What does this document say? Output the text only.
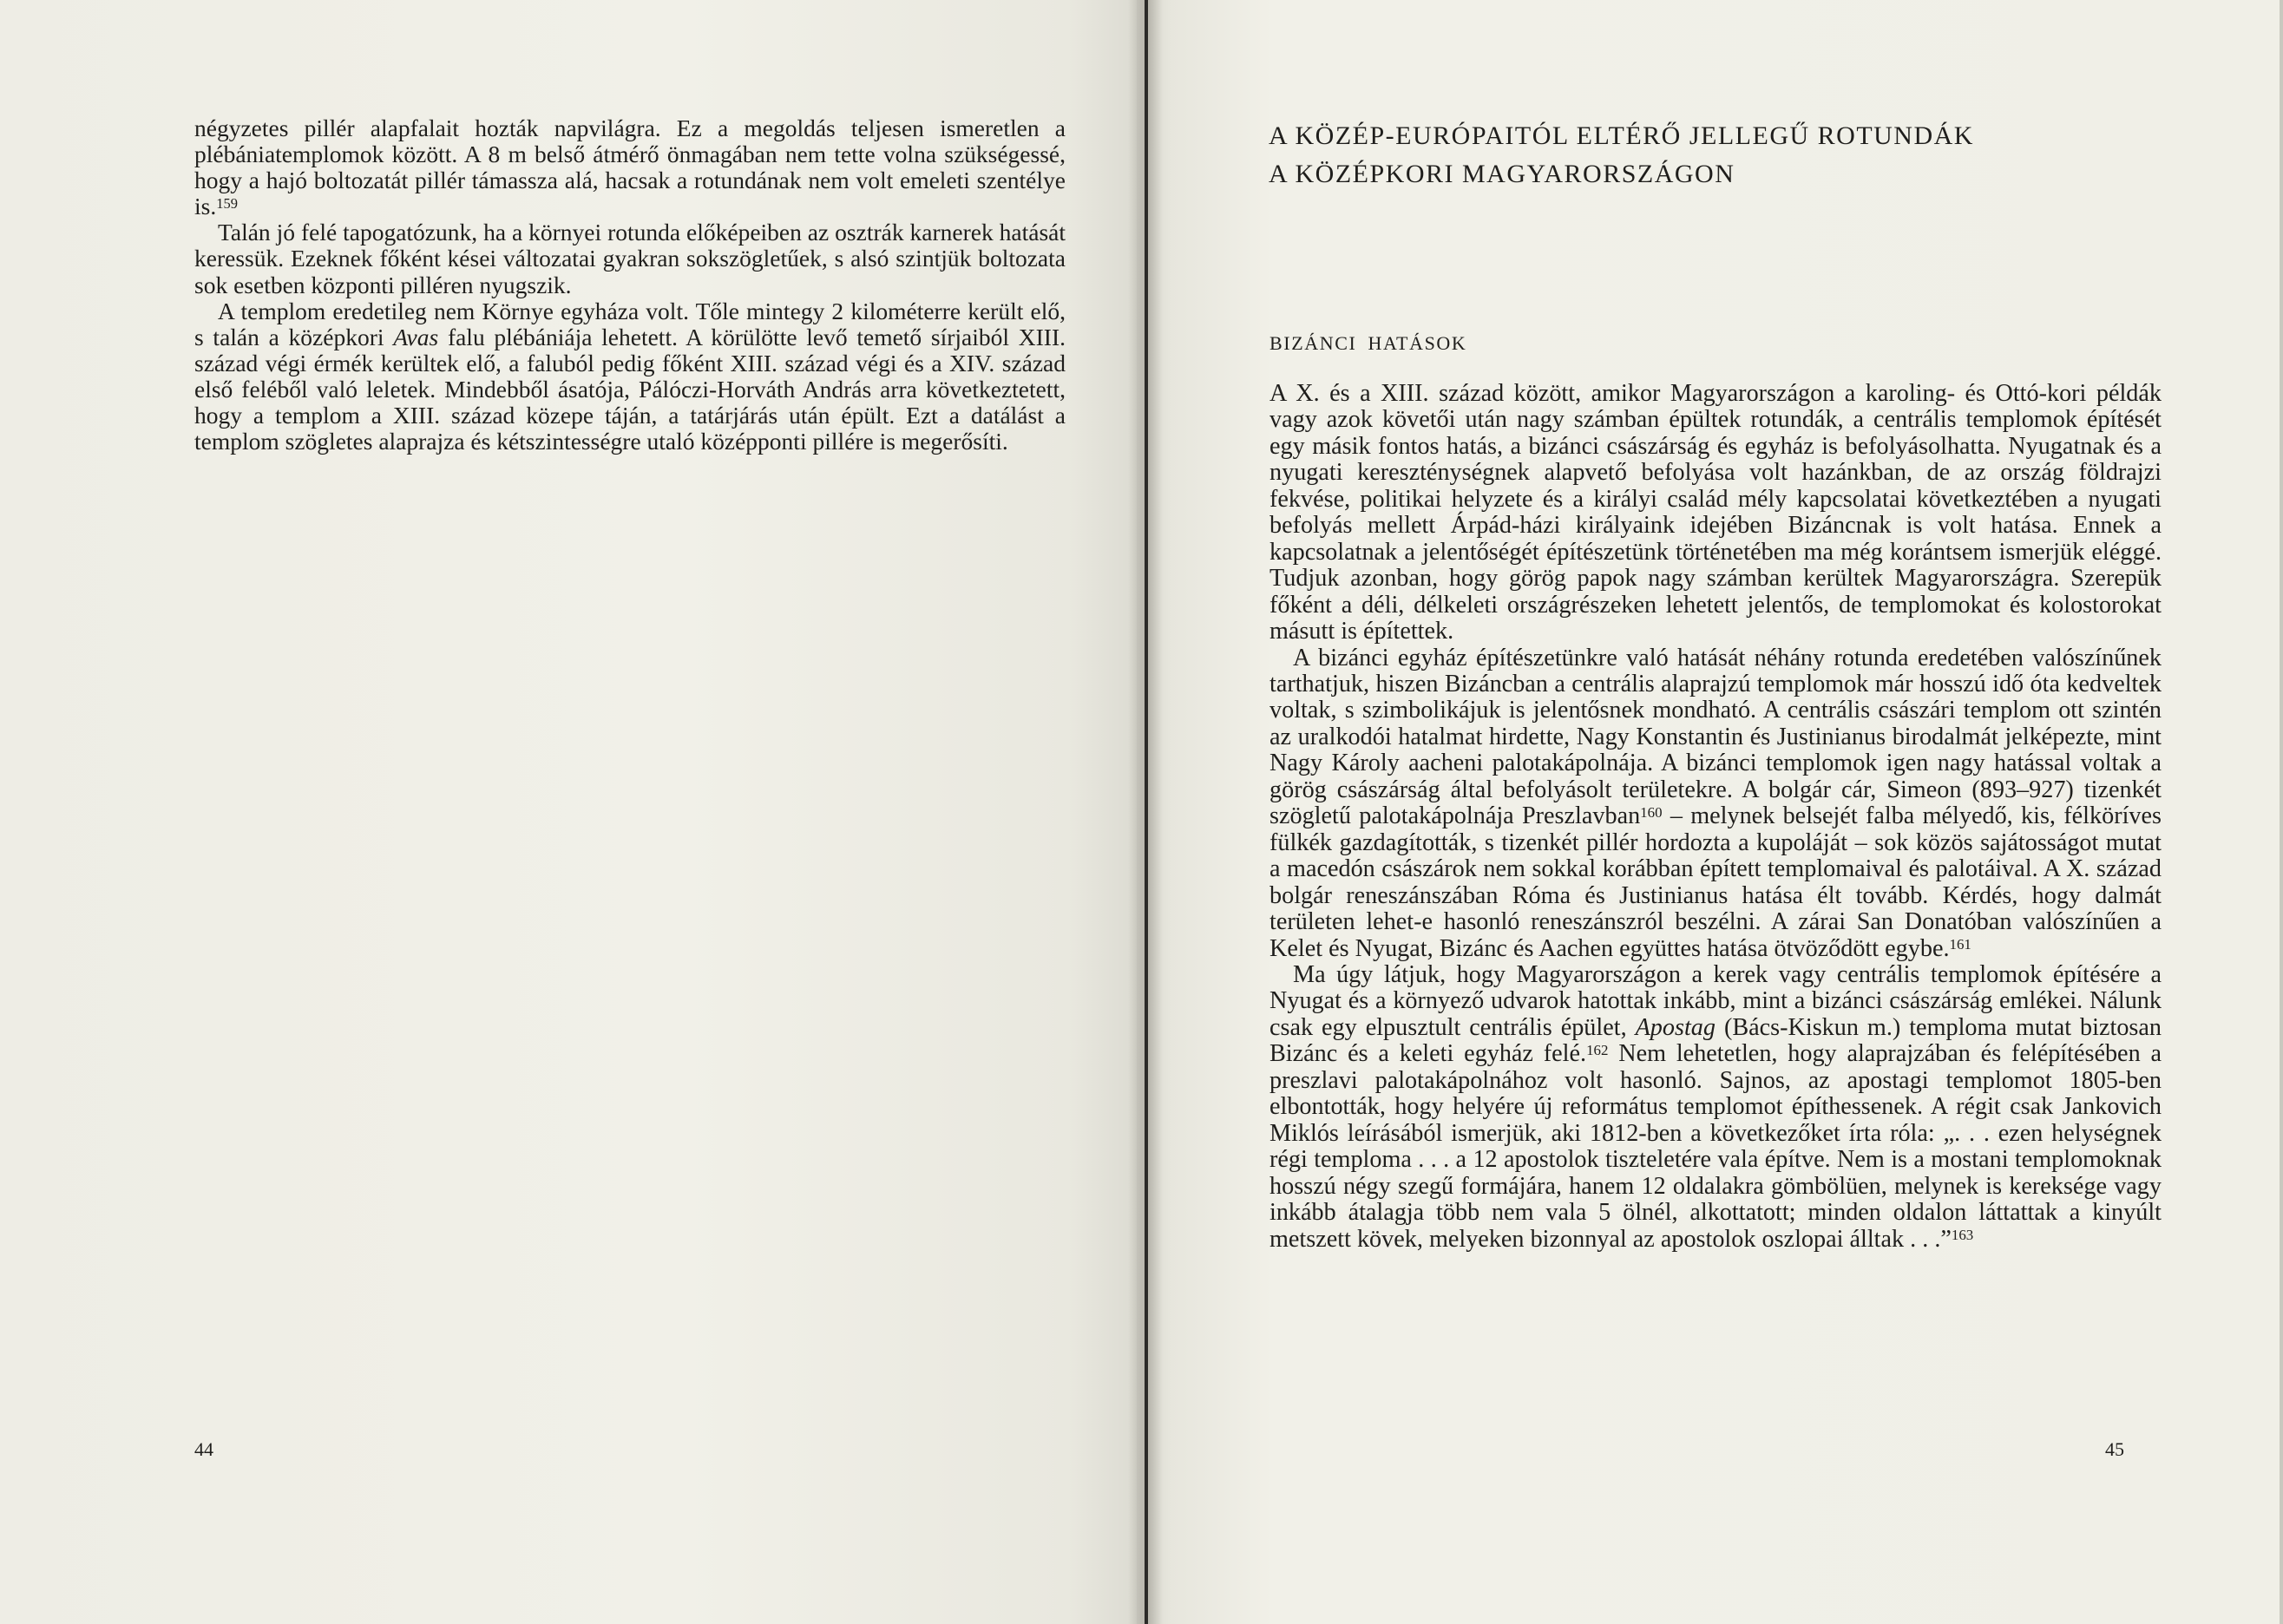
négyzetes pillér alapfalait hozták napvilágra. Ez a megoldás teljesen ismeretlen a plébániatemplomok között. A 8 m belső átmérő önmagában nem tette volna szükségessé, hogy a hajó boltozatát pillér támassza alá, hacsak a rotundának nem volt emeleti szentélye is.$^{159}$

Talán jó felé tapogatózunk, ha a környei rotunda előképeiben az osztrák karnerek hatását keressük. Ezeknek főként kései változatai gyakran sokszögletűek, s alsó szintjük boltozata sok esetben központi pilléren nyugszik.

A templom eredetileg nem Környe egyháza volt. Tőle mintegy 2 kilométerre került elő, s talán a középkori Avas falu plébániája lehetett. A körülötte levő temető sírjaiból XIII. század végi érmék kerültek elő, a faluból pedig főként XIII. század végi és a XIV. század első feléből való leletek. Mindebből ásatója, Pálóczi-Horváth András arra következtetett, hogy a templom a XIII. század közepe táján, a tatárjárás után épült. Ezt a datálást a templom szögletes alaprajza és kétszintességre utaló középponti pillére is megerősíti.

44
A KÖZÉP-EURÓPAITÓL ELTÉRŐ JELLEGŰ ROTUNDÁK
A KÖZÉPKORI MAGYARORSZÁGON
BIZÁNCI HATÁSOK

A X. és a XIII. század között, amikor Magyarországon a karoling- és Ottó-kori példák vagy azok követői után nagy számban épültek rotundák, a centrális templomok építését egy másik fontos hatás, a bizánci császárság és egyház is befolyásolhatta. Nyugatnak és a nyugati kereszténységnek alapvető befolyása volt hazánkban, de az ország földrajzi fekvése, politikai helyzete és a királyi család mély kapcsolatai következtében a nyugati befolyás mellett Árpád-házi királyaink idejében Bizáncnak is volt hatása. Ennek a kapcsolatnak a jelentőségét építészetünk történetében ma még korántsem ismerjük eléggé. Tudjuk azonban, hogy görög papok nagy számban kerültek Magyarországra. Szerepük főként a déli, délkeleti országrészeken lehetett jelentős, de templomokat és kolostorokat másutt is építettek.

A bizánci egyház építészetünkre való hatását néhány rotunda eredetében valószínűnek tarthatjuk, hiszen Bizáncban a centrális alaprajzú templomok már hosszú idő óta kedveltek voltak, s szimbolikájuk is jelentősnek mondható. A centrális császári templom ott szintén az uralkodói hatalmat hirdette, Nagy Konstantin és Justinianus birodalmát jelképezte, mint Nagy Károly aacheni palotakápolnája. A bizánci templomok igen nagy hatással voltak a görög császárság által befolyásolt területekre. A bolgár cár, Simeon (893–927) tizenkét szögletű palotakápolnája Preszlavban$^{160}$ – melynek belsejét falba mélyedő, kis, félköríves fülkék gazdagították, s tizenkét pillér hordozta a kupoláját – sok közös sajátosságot mutat a macedón császárok nem sokkal korábban épített templomaival és palotáival. A X. század bolgár reneszánszában Róma és Justinianus hatása élt tovább. Kérdés, hogy dalmát területen lehet-e hasonló reneszánszról beszélni. A zárai San Donatóban valószínűen a Kelet és Nyugat, Bizánc és Aachen együttes hatása ötvöződött egybe.$^{161}$

Ma úgy látjuk, hogy Magyarországon a kerek vagy centrális templomok építésére a Nyugat és a környező udvarok hatottak inkább, mint a bizánci császárság emlékei. Nálunk csak egy elpusztult centrális épület, Apostag (Bács-Kiskun m.) temploma mutat biztosan Bizánc és a keleti egyház felé.$^{162}$ Nem lehetetlen, hogy alaprajzában és felépítésében a preszlavi palotakápolnához volt hasonló. Sajnos, az apostagi templomot 1805-ben elbontották, hogy helyére új református templomot építhessenek. A régit csak Jankovich Miklós leírásából ismerjük, aki 1812-ben a következőket írta róla: „. . . ezen helységnek régi temploma . . . a 12 apostolok tiszteletére vala építve. Nem is a mostani templomoknak hosszú négy szegű formájára, hanem 12 oldalakra gömbölüen, melynek is kereksége vagy inkább átalagja több nem vala 5 ölnél, alkottatott; minden oldalon láttattak a kinyúlt metszett kövek, melyeken bizonnyal az apostolok oszlopai álltak . . .”$^{163}$

45
